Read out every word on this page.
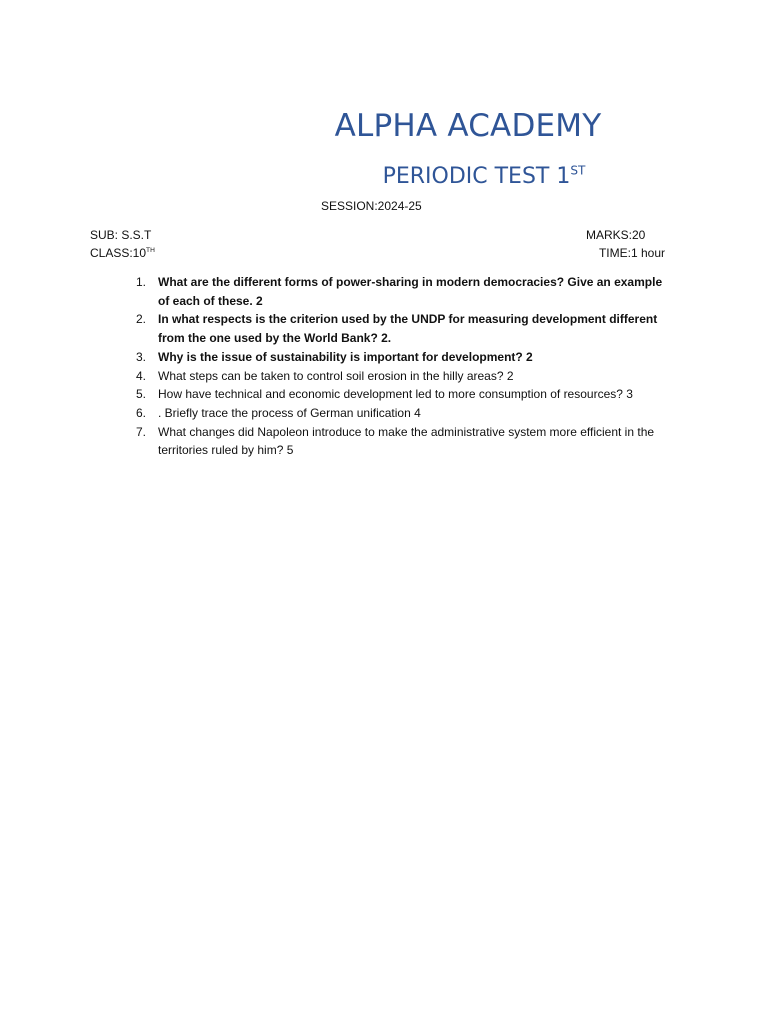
ALPHA ACADEMY
PERIODIC TEST 1ST
SESSION:2024-25
SUB: S.S.T
CLASS:10TH
MARKS:20
TIME:1 hour
1. What are the different forms of power-sharing in modern democracies? Give an example of each of these. 2
2. In what respects is the criterion used by the UNDP for measuring development different from the one used by the World Bank? 2.
3. Why is the issue of sustainability is important for development? 2
4. What steps can be taken to control soil erosion in the hilly areas? 2
5. How have technical and economic development led to more consumption of resources? 3
6. . Briefly trace the process of German unification 4
7. What changes did Napoleon introduce to make the administrative system more efficient in the territories ruled by him? 5
